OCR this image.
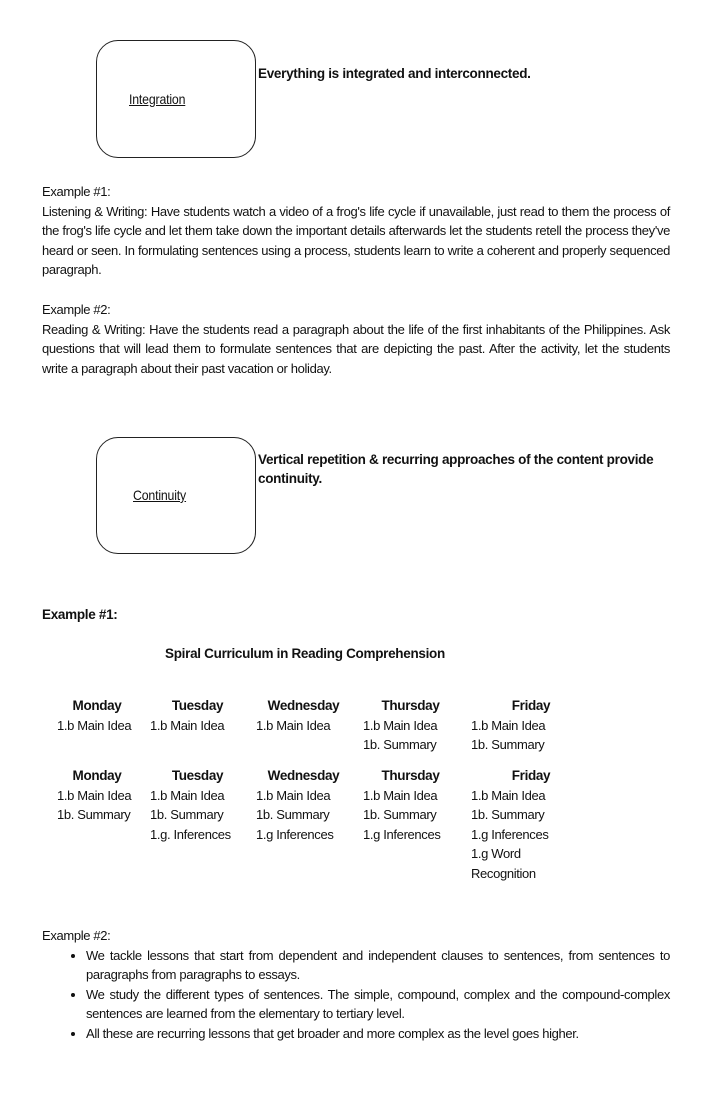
Integration
Everything is integrated and interconnected.

Example #1:

Listening & Writing: Have students watch a video of a frog's life cycle if unavailable, just read to them the process of the frog's life cycle and let them take down the important details afterwards let the students retell the process they've heard or seen. In formulating sentences using a process, students learn to write a coherent and properly sequenced paragraph.

Example #2:

Reading & Writing: Have the students read a paragraph about the life of the first inhabitants of the Philippines. Ask questions that will lead them to formulate sentences that are depicting the past. After the activity, let the students write a paragraph about their past vacation or holiday.

Continuity
Vertical repetition & recurring approaches of the content provide continuity.
Example #1:
Spiral Curriculum in Reading Comprehension
Monday
1.b Main Idea
Tuesday
1.b Main Idea
Wednesday
1.b Main Idea
Thursday
1.b Main Idea
1b. Summary
Friday
1.b Main Idea
1b. Summary
Monday
1.b Main Idea
1b. Summary
Tuesday
1.b Main Idea
1b. Summary
1.g. Inferences
Wednesday
1.b Main Idea
1b. Summary
1.g Inferences
Thursday
1.b Main Idea
1b. Summary
1.g Inferences
Friday
1.b Main Idea
1b. Summary
1.g Inferences
1.g Word
Recognition
Example #2:
• We tackle lessons that start from dependent and independent clauses to sentences, from sentences to paragraphs from paragraphs to essays.
• We study the different types of sentences. The simple, compound, complex and the compound-complex sentences are learned from the elementary to tertiary level.
• All these are recurring lessons that get broader and more complex as the level goes higher.
